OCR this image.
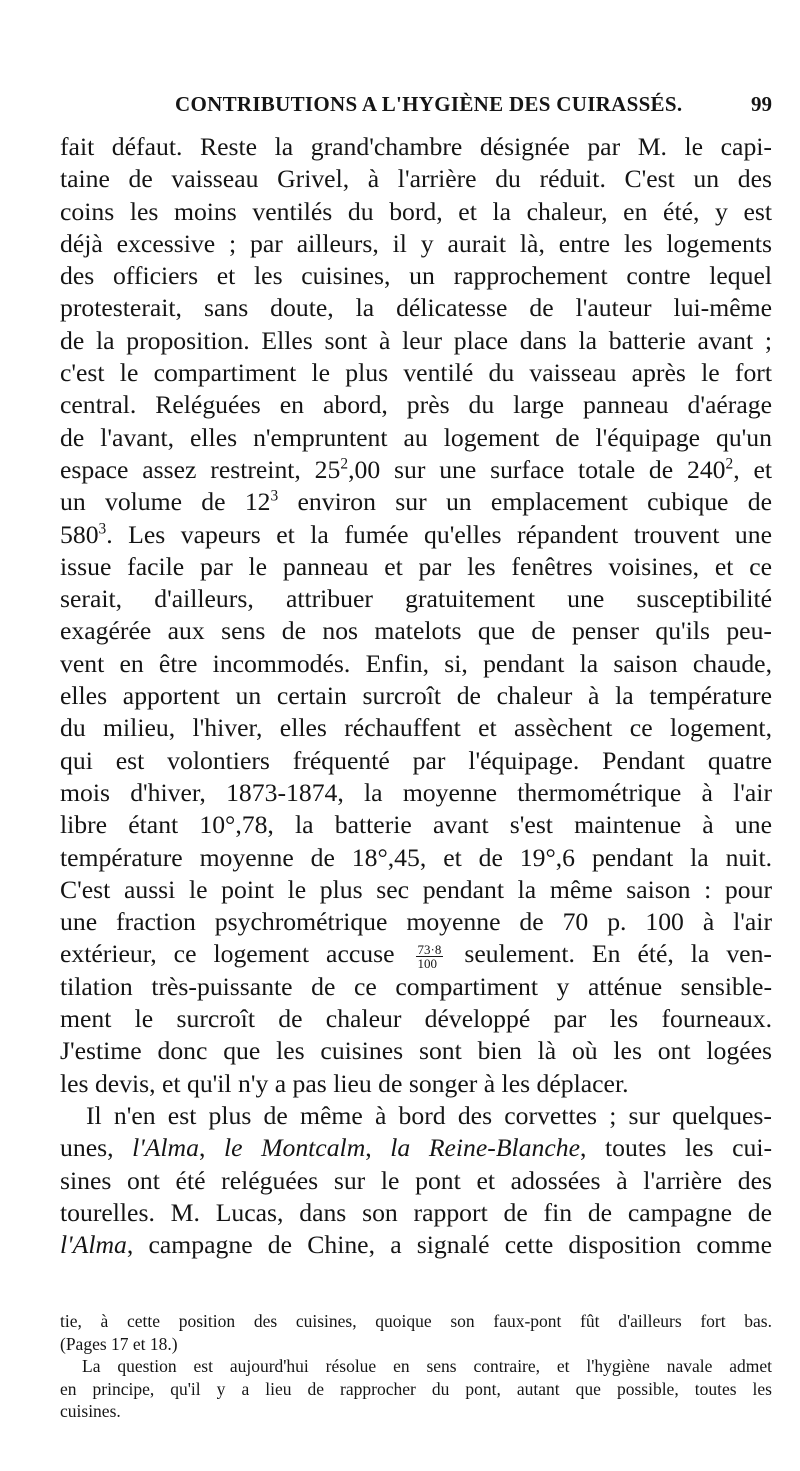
CONTRIBUTIONS A L'HYGIÈNE DES CUIRASSÉS.	99

fait défaut. Reste la grand'chambre désignée par M. le capi-
taine de vaisseau Grivel, à l'arrière du réduit. C'est un des
coins les moins ventilés du bord, et la chaleur, en été, y est
déjà excessive ; par ailleurs, il y aurait là, entre les logements
des officiers et les cuisines, un rapprochement contre lequel
protesterait, sans doute, la délicatesse de l'auteur lui-même
de la proposition. Elles sont à leur place dans la batterie avant ;
c'est le compartiment le plus ventilé du vaisseau après le fort
central. Reléguées en abord, près du large panneau d'aérage
de l'avant, elles n'empruntent au logement de l'équipage qu'un
espace assez restreint, $25^2,00$ sur une surface totale de $240^2$, et
un volume de $12^3$ environ sur un emplacement cubique de
$580^3$. Les vapeurs et la fumée qu'elles répandent trouvent une
issue facile par le panneau et par les fenêtres voisines, et ce
serait, d'ailleurs, attribuer gratuitement une susceptibilité
exagérée aux sens de nos matelots que de penser qu'ils peu-
vent en être incommodés. Enfin, si, pendant la saison chaude,
elles apportent un certain surcroît de chaleur à la température
du milieu, l'hiver, elles réchauffent et assèchent ce logement,
qui est volontiers fréquenté par l'équipage. Pendant quatre
mois d'hiver, 1873-1874, la moyenne thermométrique à l'air
libre étant 10°,78, la batterie avant s'est maintenue à une
température moyenne de 18°,45, et de 19°,6 pendant la nuit.
C'est aussi le point le plus sec pendant la même saison : pour
une fraction psychrométrique moyenne de 70 p. 100 à l'air
extérieur, ce logement accuse $\frac{73\cdot 8}{100}$ seulement. En été, la ven-
tilation très-puissante de ce compartiment y atténue sensible-
ment le surcroît de chaleur développé par les fourneaux.
J'estime donc que les cuisines sont bien là où les ont logées
les devis, et qu'il n'y a pas lieu de songer à les déplacer.

Il n'en est plus de même à bord des corvettes ; sur quelques-
unes, l'Alma, le Montcalm, la Reine-Blanche, toutes les cui-
sines ont été reléguées sur le pont et adossées à l'arrière des
tourelles. M. Lucas, dans son rapport de fin de campagne de
l'Alma, campagne de Chine, a signalé cette disposition comme

tie, à cette position des cuisines, quoique son faux-pont fût d'ailleurs fort bas.
(Pages 17 et 18.)

La question est aujourd'hui résolue en sens contraire, et l'hygiène navale admet
en principe, qu'il y a lieu de rapprocher du pont, autant que possible, toutes les
cuisines.
